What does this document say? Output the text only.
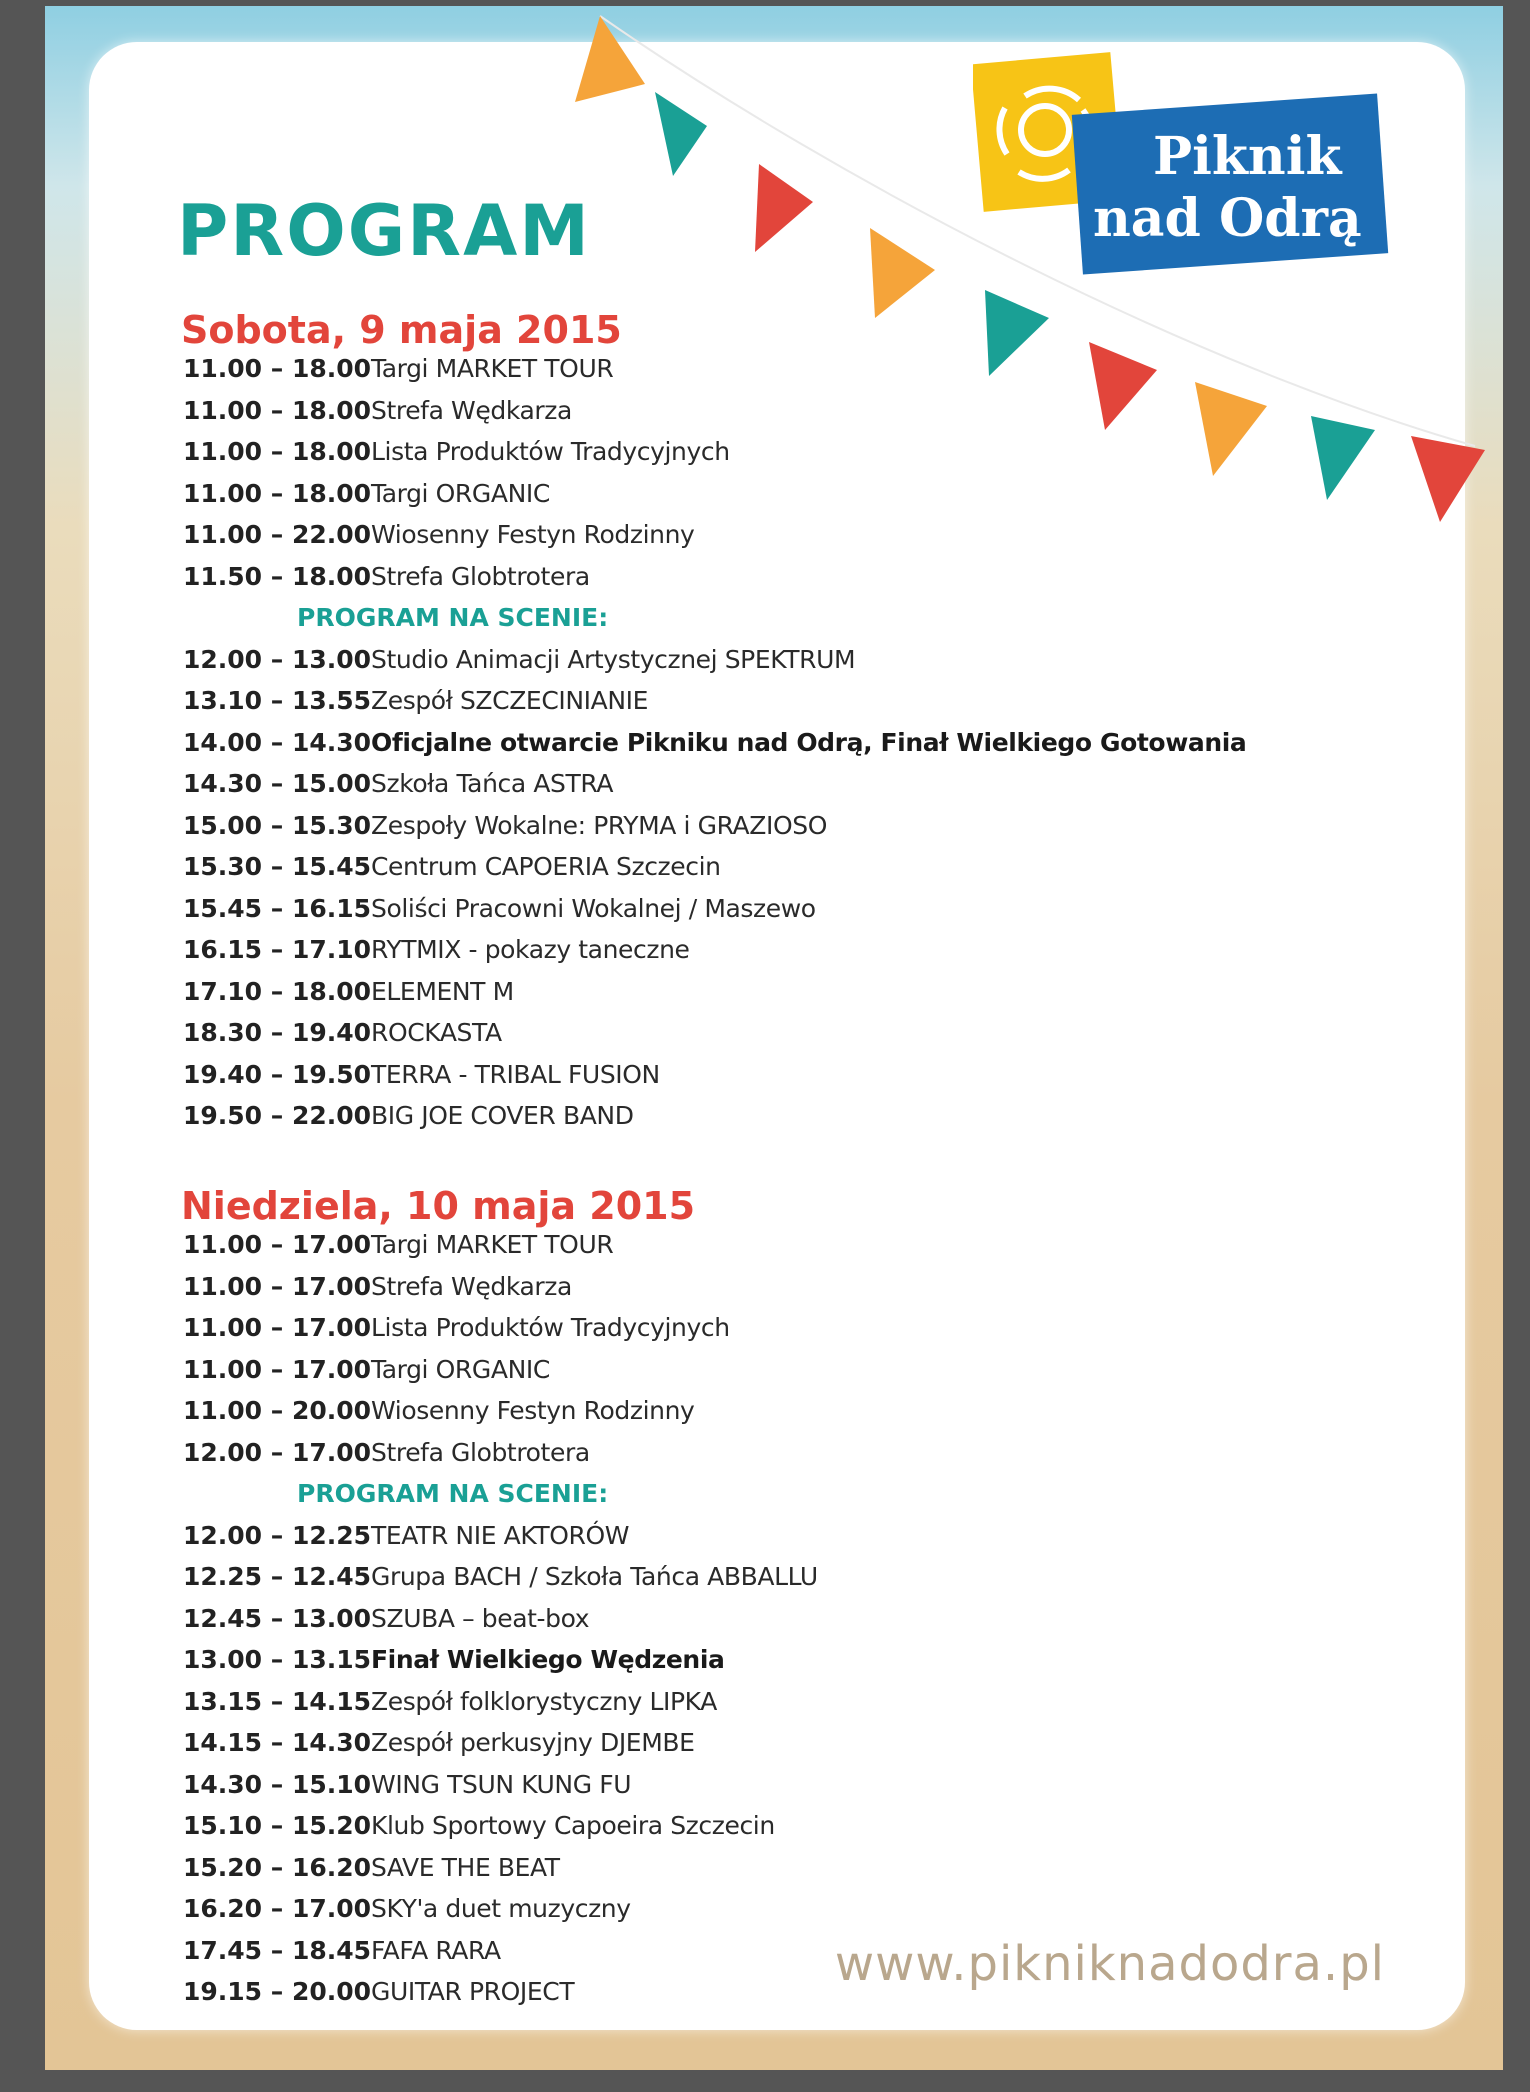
PROGRAM
Sobota, 9 maja 2015
11.00 – 18.00 Targi MARKET TOUR
11.00 – 18.00 Strefa Wędkarza
11.00 – 18.00 Lista Produktów Tradycyjnych
11.00 – 18.00 Targi ORGANIC
11.00 – 22.00 Wiosenny Festyn Rodzinny
11.50 – 18.00 Strefa Globtrotera
PROGRAM NA SCENIE:
12.00 – 13.00 Studio Animacji Artystycznej SPEKTRUM
13.10 – 13.55 Zespół SZCZECINIANIE
14.00 – 14.30 Oficjalne otwarcie Pikniku nad Odrą, Finał Wielkiego Gotowania
14.30 – 15.00 Szkoła Tańca ASTRA
15.00 – 15.30 Zespoły Wokalne: PRYMA i GRAZIOSO
15.30 – 15.45 Centrum CAPOERIA Szczecin
15.45 – 16.15 Soliści Pracowni Wokalnej / Maszewo
16.15 – 17.10 RYTMIX - pokazy taneczne
17.10 – 18.00 ELEMENT M
18.30 – 19.40 ROCKASTA
19.40 – 19.50 TERRA - TRIBAL FUSION
19.50 – 22.00 BIG JOE COVER BAND
Niedziela, 10 maja 2015
11.00 – 17.00 Targi MARKET TOUR
11.00 – 17.00 Strefa Wędkarza
11.00 – 17.00 Lista Produktów Tradycyjnych
11.00 – 17.00 Targi ORGANIC
11.00 – 20.00 Wiosenny Festyn Rodzinny
12.00 – 17.00 Strefa Globtrotera
PROGRAM NA SCENIE:
12.00 – 12.25 TEATR NIE AKTORÓW
12.25 – 12.45 Grupa BACH / Szkoła Tańca ABBALLU
12.45 – 13.00 SZUBA – beat-box
13.00 – 13.15 Finał Wielkiego Wędzenia
13.15 – 14.15 Zespół folklorystyczny LIPKA
14.15 – 14.30 Zespół perkusyjny DJEMBE
14.30 – 15.10 WING TSUN KUNG FU
15.10 – 15.20 Klub Sportowy Capoeira Szczecin
15.20 – 16.20 SAVE THE BEAT
16.20 – 17.00 SKY'a duet muzyczny
17.45 – 18.45 FAFA RARA
19.15 – 20.00 GUITAR PROJECT	www.pikniknadodra.pl
Piknik
nad Odrą
